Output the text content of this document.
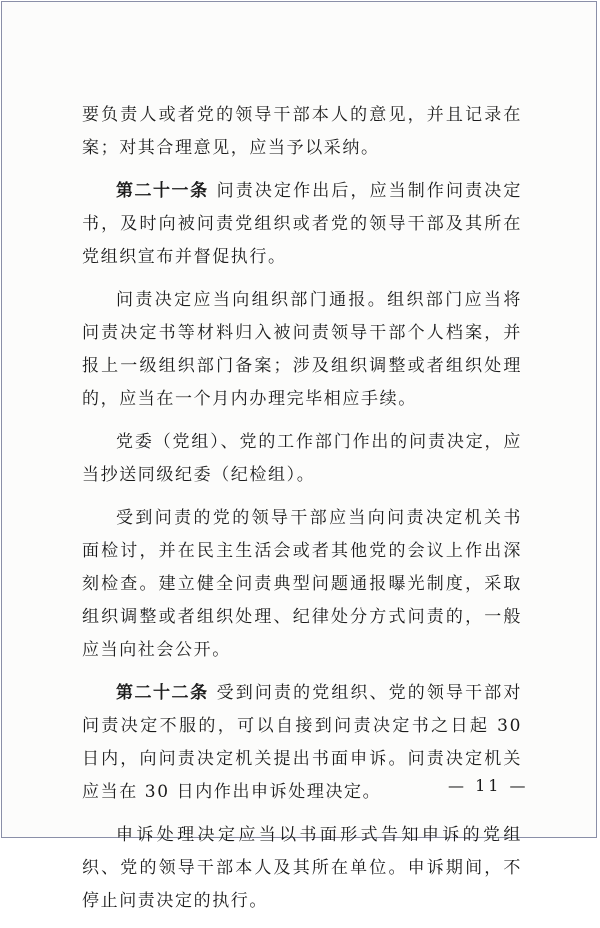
要负责人或者党的领导干部本人的意见，并且记录在案；对其合理意见，应当予以采纳。

第二十一条 问责决定作出后，应当制作问责决定书，及时向被问责党组织或者党的领导干部及其所在党组织宣布并督促执行。

问责决定应当向组织部门通报。组织部门应当将问责决定书等材料归入被问责领导干部个人档案，并报上一级组织部门备案；涉及组织调整或者组织处理的，应当在一个月内办理完毕相应手续。

党委（党组）、党的工作部门作出的问责决定，应当抄送同级纪委（纪检组）。

受到问责的党的领导干部应当向问责决定机关书面检讨，并在民主生活会或者其他党的会议上作出深刻检查。建立健全问责典型问题通报曝光制度，采取组织调整或者组织处理、纪律处分方式问责的，一般应当向社会公开。

第二十二条 受到问责的党组织、党的领导干部对问责决定不服的，可以自接到问责决定书之日起 30 日内，向问责决定机关提出书面申诉。问责决定机关应当在 30 日内作出申诉处理决定。

申诉处理决定应当以书面形式告知申诉的党组织、党的领导干部本人及其所在单位。申诉期间，不停止问责决定的执行。

— 11 —
